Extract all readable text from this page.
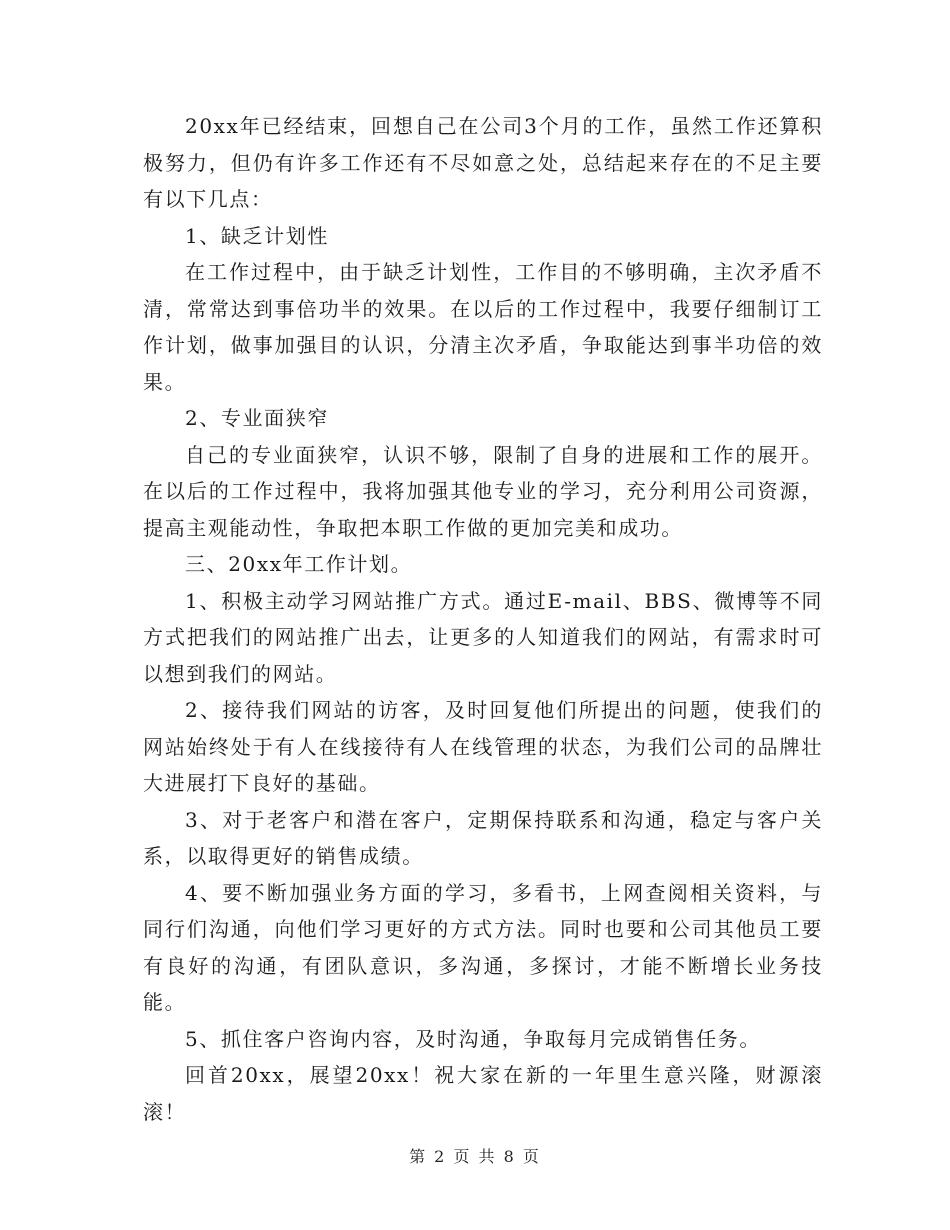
20xx年已经结束，回想自己在公司3个月的工作，虽然工作还算积极努力，但仍有许多工作还有不尽如意之处，总结起来存在的不足主要有以下几点：

1、缺乏计划性

在工作过程中，由于缺乏计划性，工作目的不够明确，主次矛盾不清，常常达到事倍功半的效果。在以后的工作过程中，我要仔细制订工作计划，做事加强目的认识，分清主次矛盾，争取能达到事半功倍的效果。

2、专业面狭窄

自己的专业面狭窄，认识不够，限制了自身的进展和工作的展开。在以后的工作过程中，我将加强其他专业的学习，充分利用公司资源，提高主观能动性，争取把本职工作做的更加完美和成功。

三、20xx年工作计划。

1、积极主动学习网站推广方式。通过E-mail、BBS、微博等不同方式把我们的网站推广出去，让更多的人知道我们的网站，有需求时可以想到我们的网站。

2、接待我们网站的访客，及时回复他们所提出的问题，使我们的网站始终处于有人在线接待有人在线管理的状态，为我们公司的品牌壮大进展打下良好的基础。

3、对于老客户和潜在客户，定期保持联系和沟通，稳定与客户关系，以取得更好的销售成绩。

4、要不断加强业务方面的学习，多看书，上网查阅相关资料，与同行们沟通，向他们学习更好的方式方法。同时也要和公司其他员工要有良好的沟通，有团队意识，多沟通，多探讨，才能不断增长业务技能。

5、抓住客户咨询内容，及时沟通，争取每月完成销售任务。

回首20xx，展望20xx！祝大家在新的一年里生意兴隆，财源滚滚！

第 2 页 共 8 页
